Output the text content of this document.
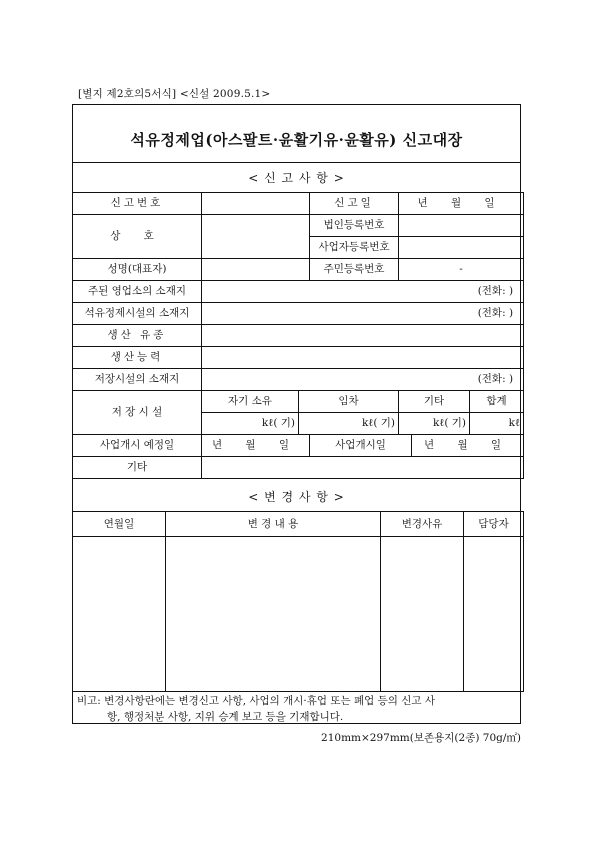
[별지 제2호의5서식] <신설 2009.5.1>
석유정제업(아스팔트·윤활기유·윤활유) 신고대장
< 신 고 사 항 >
신고번호			신고일	년 월 일		
상 호			법인등록번호			
			사업자등록번호			
성명(대표자)			주민등록번호	-		
주된 영업소의 소재지	(전화: )					
석유정제시설의 소재지	(전화: )					
생산 유종						
생산능력						
저장시설의 소재지	(전화: )					
저 장 시 설	자기 소유	임차		기타		합계
	kℓ( 기)	kℓ( 기)		kℓ( 기)		kℓ
사업개시 예정일	년 월 일		사업개시일		년 월 일	
기타						
< 변 경 사 항 >
연월일	변 경 내 용	변경사유	담당자

비고: 변경사항란에는 변경신고 사항, 사업의 개시·휴업 또는 폐업 등의 신고 사
항, 행정처분 사항, 지위 승계 보고 등을 기재합니다.
210mm×297mm(보존용지(2종) 70g/㎡)
